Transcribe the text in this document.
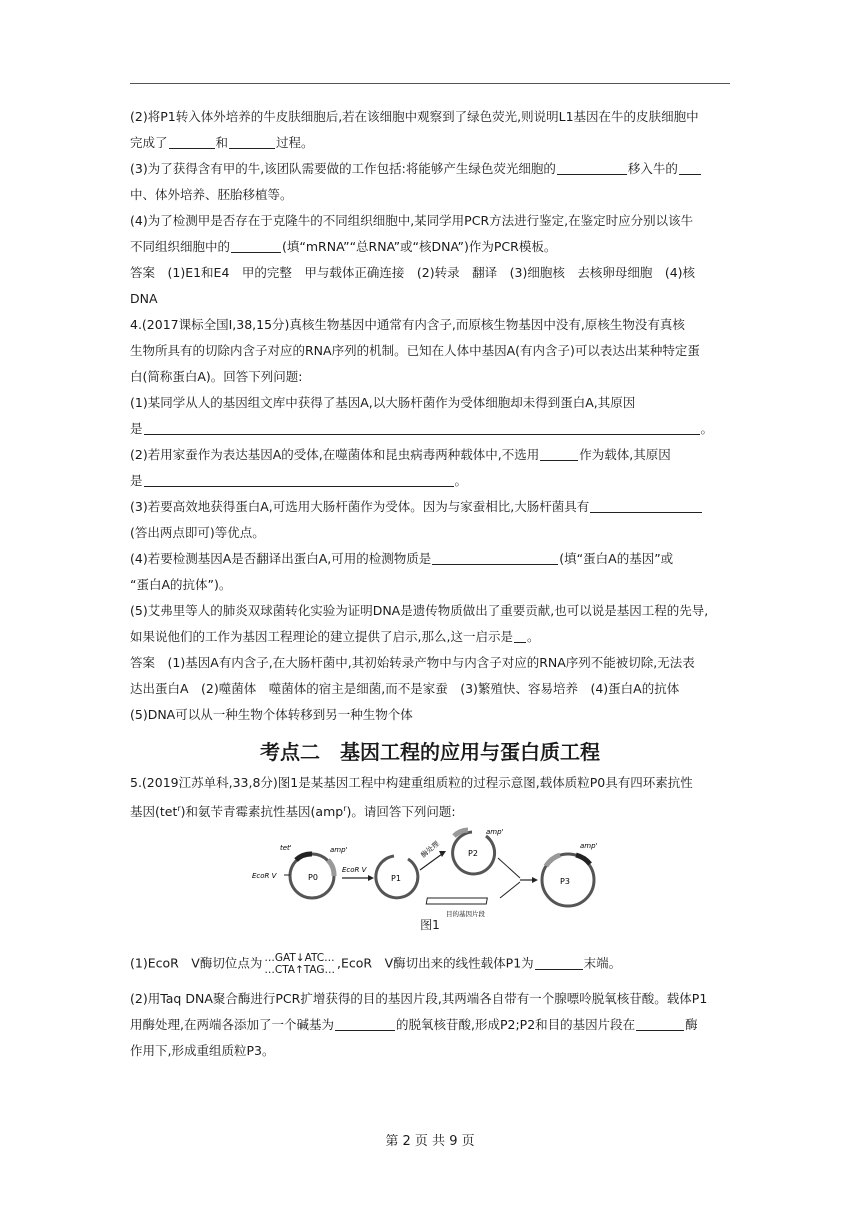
(2)将P1转入体外培养的牛皮肤细胞后,若在该细胞中观察到了绿色荧光,则说明L1基因在牛的皮肤细胞中
完成了	和	过程。
(3)为了获得含有甲的牛,该团队需要做的工作包括:将能够产生绿色荧光细胞的	移入牛的
中、体外培养、胚胎移植等。
(4)为了检测甲是否存在于克隆牛的不同组织细胞中,某同学用PCR方法进行鉴定,在鉴定时应分别以该牛
不同组织细胞中的	(填“mRNA”“总RNA”或“核DNA”)作为PCR模板。
答案　(1)E1和E4　甲的完整　甲与载体正确连接　(2)转录　翻译　(3)细胞核　去核卵母细胞　(4)核
DNA
4.(2017课标全国Ⅰ,38,15分)真核生物基因中通常有内含子,而原核生物基因中没有,原核生物没有真核
生物所具有的切除内含子对应的RNA序列的机制。已知在人体中基因A(有内含子)可以表达出某种特定蛋
白(简称蛋白A)。回答下列问题:
(1)某同学从人的基因组文库中获得了基因A,以大肠杆菌作为受体细胞却未得到蛋白A,其原因
是	。
(2)若用家蚕作为表达基因A的受体,在噬菌体和昆虫病毒两种载体中,不选用	作为载体,其原因
是	。
(3)若要高效地获得蛋白A,可选用大肠杆菌作为受体。因为与家蚕相比,大肠杆菌具有
(答出两点即可)等优点。
(4)若要检测基因A是否翻译出蛋白A,可用的检测物质是	(填“蛋白A的基因”或
“蛋白A的抗体”)。
(5)艾弗里等人的肺炎双球菌转化实验为证明DNA是遗传物质做出了重要贡献,也可以说是基因工程的先导,
如果说他们的工作为基因工程理论的建立提供了启示,那么,这一启示是 。
答案　(1)基因A有内含子,在大肠杆菌中,其初始转录产物中与内含子对应的RNA序列不能被切除,无法表
达出蛋白A　(2)噬菌体　噬菌体的宿主是细菌,而不是家蚕　(3)繁殖快、容易培养　(4)蛋白A的抗体
(5)DNA可以从一种生物个体转移到另一种生物个体
考点二　基因工程的应用与蛋白质工程
5.(2019江苏单科,33,8分)图1是某基因工程中构建重组质粒的过程示意图,载体质粒P0具有四环素抗性
基因(tet$^r$)和氨苄青霉素抗性基因(amp$^r$)。请回答下列问题:
P0
tet'	amp'
EcoR V
EcoR V
P1
酶处理	P2
amp'
目的基因片段
P3
amp'
图1
(1)EcoR　V酶切位点为 …GAT↓ATC…
…CTA↑TAG… ,EcoR　V酶切出来的线性载体P1为	末端。
(2)用Taq DNA聚合酶进行PCR扩增获得的目的基因片段,其两端各自带有一个腺嘌呤脱氧核苷酸。载体P1
用酶处理,在两端各添加了一个碱基为	的脱氧核苷酸,形成P2;P2和目的基因片段在	酶
作用下,形成重组质粒P3。
第 2 页 共 9 页
